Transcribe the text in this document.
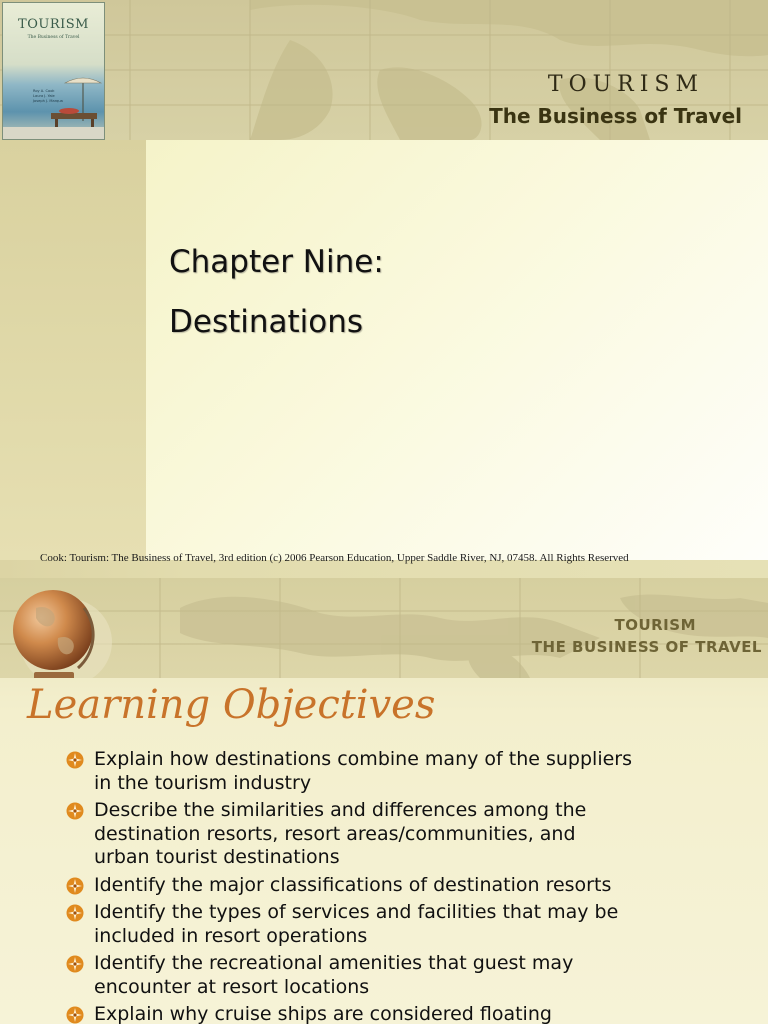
TOURISM
The Business of Travel
Roy A. Cook
Laura J. Yale
Joseph J. Marqua
TOURISM
The Business of Travel
Chapter Nine:
Destinations
Cook: Tourism: The Business of Travel, 3rd edition (c) 2006 Pearson Education, Upper Saddle River, NJ, 07458. All Rights Reserved
TOURISM
THE BUSINESS OF TRAVEL
Learning Objectives
Explain how destinations combine many of the suppliers
in the tourism industry
Describe the similarities and differences among the
destination resorts, resort areas/communities, and
urban tourist destinations
Identify the major classifications of destination resorts
Identify the types of services and facilities that may be
included in resort operations
Identify the recreational amenities that guest may
encounter at resort locations
Explain why cruise ships are considered floating
